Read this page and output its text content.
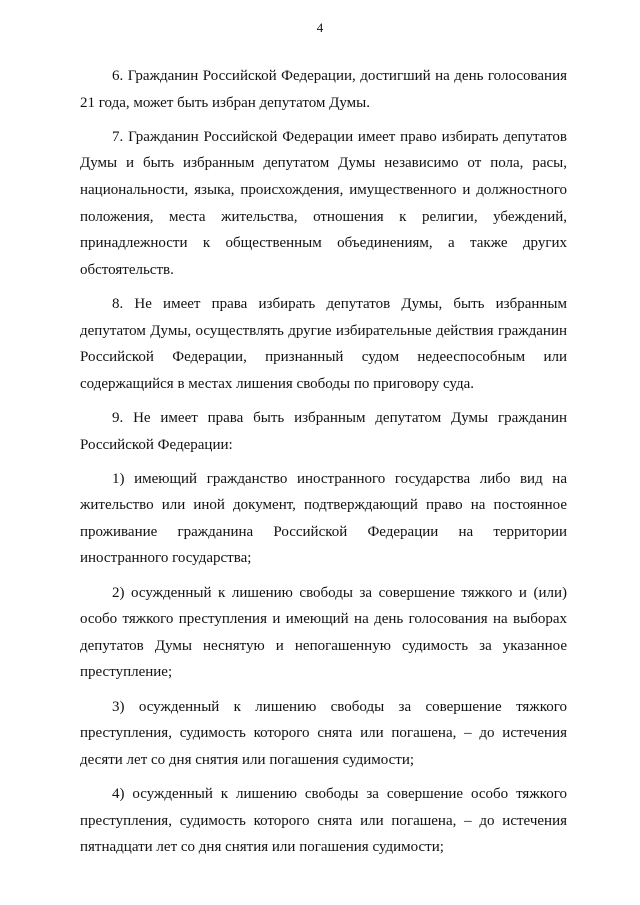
4

6. Гражданин Российской Федерации, достигший на день голосования 21 года, может быть избран депутатом Думы.

7. Гражданин Российской Федерации имеет право избирать депутатов Думы и быть избранным депутатом Думы независимо от пола, расы, национальности, языка, происхождения, имущественного и должностного положения, места жительства, отношения к религии, убеждений, принадлежности к общественным объединениям, а также других обстоятельств.

8. Не имеет права избирать депутатов Думы, быть избранным депутатом Думы, осуществлять другие избирательные действия гражданин Российской Федерации, признанный судом недееспособным или содержащийся в местах лишения свободы по приговору суда.

9. Не имеет права быть избранным депутатом Думы гражданин Российской Федерации:

1) имеющий гражданство иностранного государства либо вид на жительство или иной документ, подтверждающий право на постоянное проживание гражданина Российской Федерации на территории иностранного государства;

2) осужденный к лишению свободы за совершение тяжкого и (или) особо тяжкого преступления и имеющий на день голосования на выборах депутатов Думы неснятую и непогашенную судимость за указанное преступление;

3) осужденный к лишению свободы за совершение тяжкого преступления, судимость которого снята или погашена, – до истечения десяти лет со дня снятия или погашения судимости;

4) осужденный к лишению свободы за совершение особо тяжкого преступления, судимость которого снята или погашена, – до истечения пятнадцати лет со дня снятия или погашения судимости;
